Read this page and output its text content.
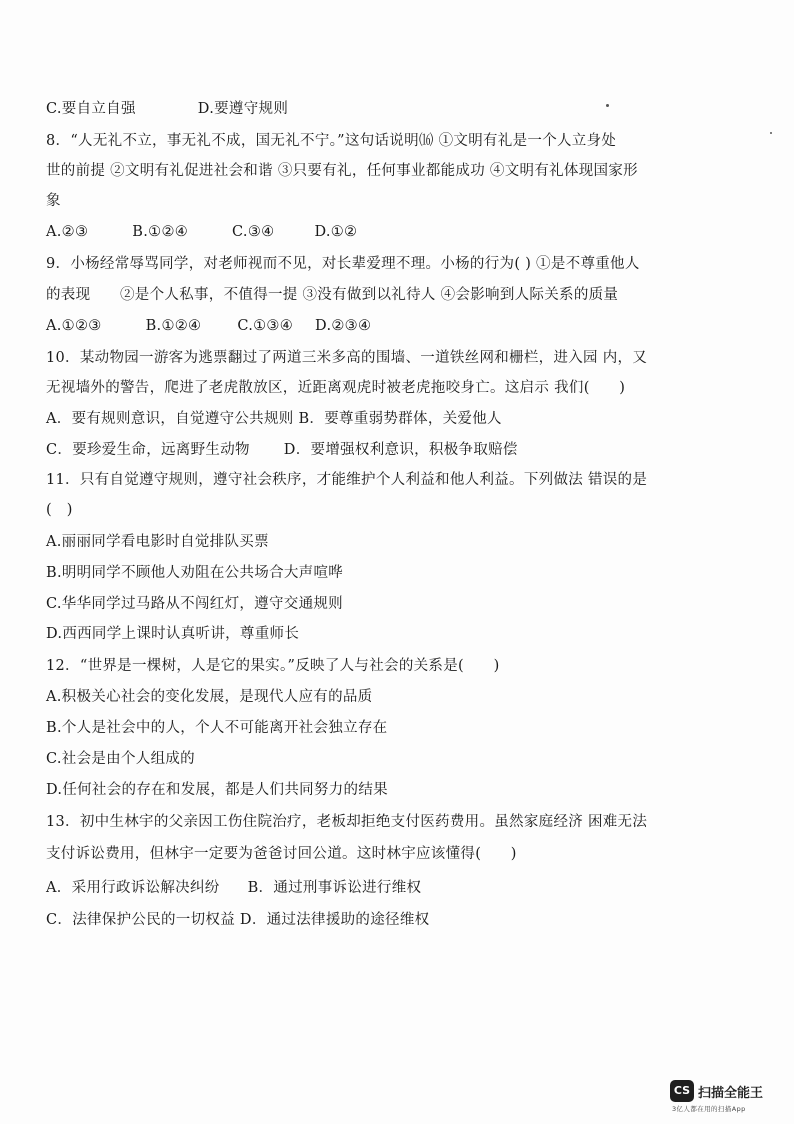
C.要自立自强	D.要遵守规则
8．“人无礼不立，事无礼不成，国无礼不宁。”这句话说明⒃ ①文明有礼是一个人立身处
世的前提 ②文明有礼促进社会和谐 ③只要有礼，任何事业都能成功 ④文明有礼体现国家形
象
A.②③	B.①②④	C.③④	D.①②
9．小杨经常辱骂同学，对老师视而不见，对长辈爱理不理。小杨的行为( ) ①是不尊重他人
的表现　　②是个人私事，不值得一提 ③没有做到以礼待人 ④会影响到人际关系的质量
A.①②③	B.①②④ C.①③④ D.②③④
10．某动物园一游客为逃票翻过了两道三米多高的围墙、一道铁丝网和栅栏，进入园 内，又
无视墙外的警告，爬进了老虎散放区，近距离观虎时被老虎拖咬身亡。这启示 我们(　　)
A．要有规则意识，自觉遵守公共规则 B．要尊重弱势群体，关爱他人
C．要珍爱生命，远离野生动物 D．要增强权利意识，积极争取赔偿
11．只有自觉遵守规则，遵守社会秩序，才能维护个人利益和他人利益。下列做法 错误的是
(　)
A.丽丽同学看电影时自觉排队买票
B.明明同学不顾他人劝阻在公共场合大声喧哗
C.华华同学过马路从不闯红灯，遵守交通规则
D.西西同学上课时认真听讲，尊重师长
12．“世界是一棵树，人是它的果实。”反映了人与社会的关系是(　　)
A.积极关心社会的变化发展，是现代人应有的品质
B.个人是社会中的人，个人不可能离开社会独立存在
C.社会是由个人组成的
D.任何社会的存在和发展，都是人们共同努力的结果
13．初中生林宇的父亲因工伤住院治疗，老板却拒绝支付医药费用。虽然家庭经济 困难无法
支付诉讼费用，但林宇一定要为爸爸讨回公道。这时林宇应该懂得(　　)
A．采用行政诉讼解决纠纷 B．通过刑事诉讼进行维权
C．法律保护公民的一切权益 D．通过法律援助的途径维权
CS 扫描全能王
3亿人都在用的扫描App
